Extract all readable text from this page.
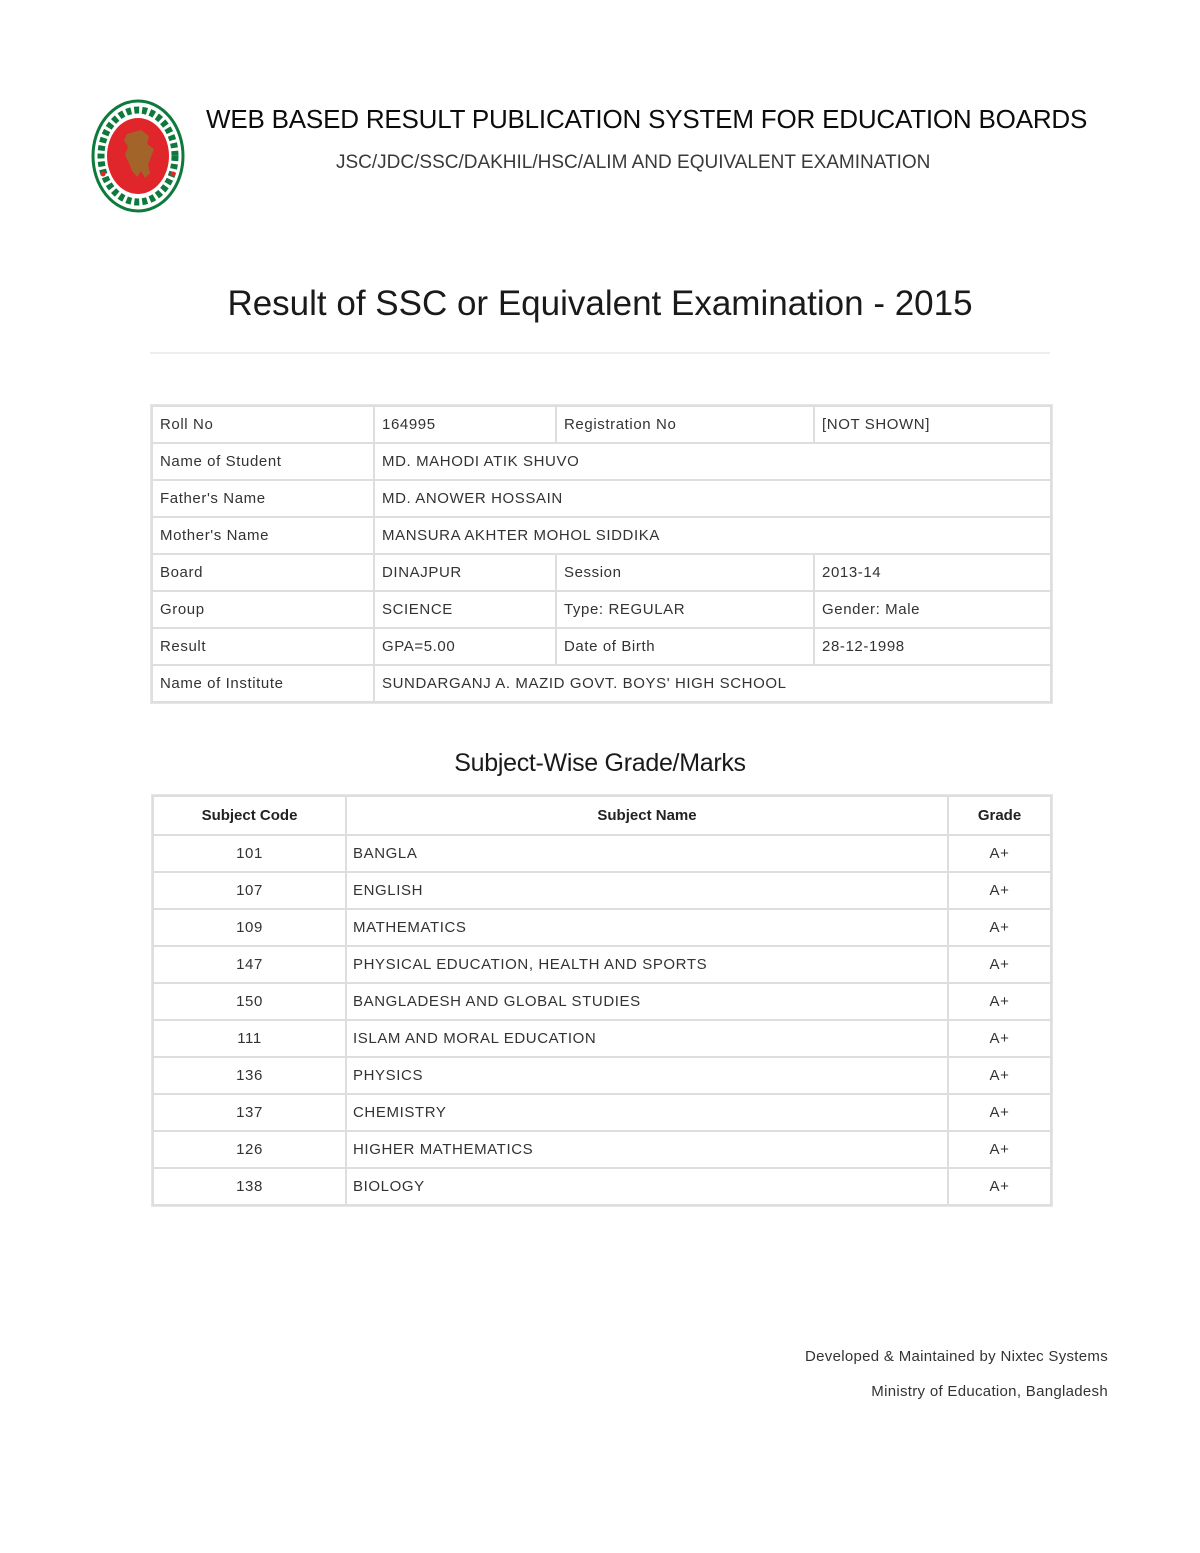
WEB BASED RESULT PUBLICATION SYSTEM FOR EDUCATION BOARDS

JSC/JDC/SSC/DAKHIL/HSC/ALIM AND EQUIVALENT EXAMINATION

Result of SSC or Equivalent Examination - 2015
Roll No	164995	Registration No	[NOT SHOWN]
Name of Student	MD. MAHODI ATIK SHUVO		
Father's Name	MD. ANOWER HOSSAIN		
Mother's Name	MANSURA AKHTER MOHOL SIDDIKA		
Board	DINAJPUR	Session	2013-14
Group	SCIENCE	Type: REGULAR	Gender: Male
Result	GPA=5.00	Date of Birth	28-12-1998
Name of Institute	SUNDARGANJ A. MAZID GOVT. BOYS' HIGH SCHOOL		
Subject-Wise Grade/Marks
Subject Code	Subject Name	Grade
101	BANGLA	A+
107	ENGLISH	A+
109	MATHEMATICS	A+
147	PHYSICAL EDUCATION, HEALTH AND SPORTS	A+
150	BANGLADESH AND GLOBAL STUDIES	A+
111	ISLAM AND MORAL EDUCATION	A+
136	PHYSICS	A+
137	CHEMISTRY	A+
126	HIGHER MATHEMATICS	A+
138	BIOLOGY	A+

Developed & Maintained by Nixtec Systems

Ministry of Education, Bangladesh
